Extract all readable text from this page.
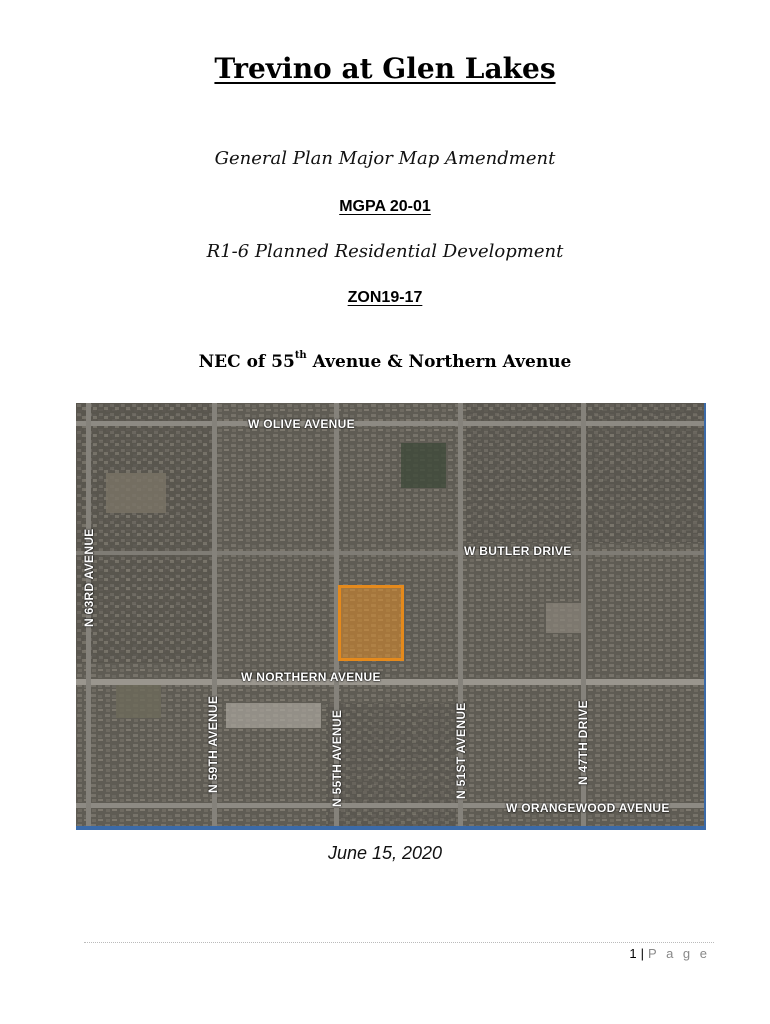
Trevino at Glen Lakes
General Plan Major Map Amendment
MGPA 20-01
R1-6 Planned Residential Development
ZON19-17
NEC of 55th Avenue & Northern Avenue
W OLIVE AVENUE
W BUTLER DRIVE
W NORTHERN AVENUE
W ORANGEWOOD AVENUE
N 63RD AVENUE
N 59TH AVENUE	N 55TH AVENUE	N 51ST AVENUE	N 47TH DRIVE
June 15, 2020
1 | P a g e
